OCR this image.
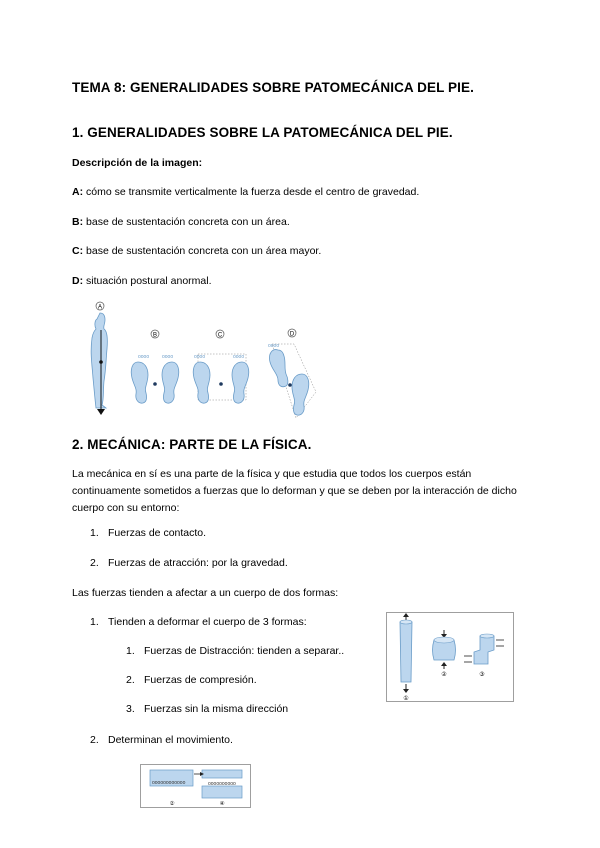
TEMA 8: GENERALIDADES SOBRE PATOMECÁNICA DEL PIE.
1. GENERALIDADES SOBRE LA PATOMECÁNICA DEL PIE.
Descripción de la imagen:
A: cómo se transmite verticalmente la fuerza desde el centro de gravedad.
B: base de sustentación concreta con un área.
C: base de sustentación concreta con un área mayor.
D: situación postural anormal.
A
B
oooo	oooo
C
oooo	oooo
D
oooo
2. MECÁNICA: PARTE DE LA FÍSICA.
La mecánica en sí es una parte de la física y que estudia que todos los cuerpos están continuamente sometidos a fuerzas que lo deforman y que se deben por la interacción de dicho cuerpo con su entorno:
1. Fuerzas de contacto.
2. Fuerzas de atracción: por la gravedad.
Las fuerzas tienden a afectar a un cuerpo de dos formas:
1. Tienden a deformar el cuerpo de 3 formas:
1. Fuerzas de Distracción: tienden a separar..
2. Fuerzas de compresión.
3. Fuerzas sin la misma dirección
2. Determinan el movimiento.
①
②	③
oooooooooooo	oooooooooo
②	④
